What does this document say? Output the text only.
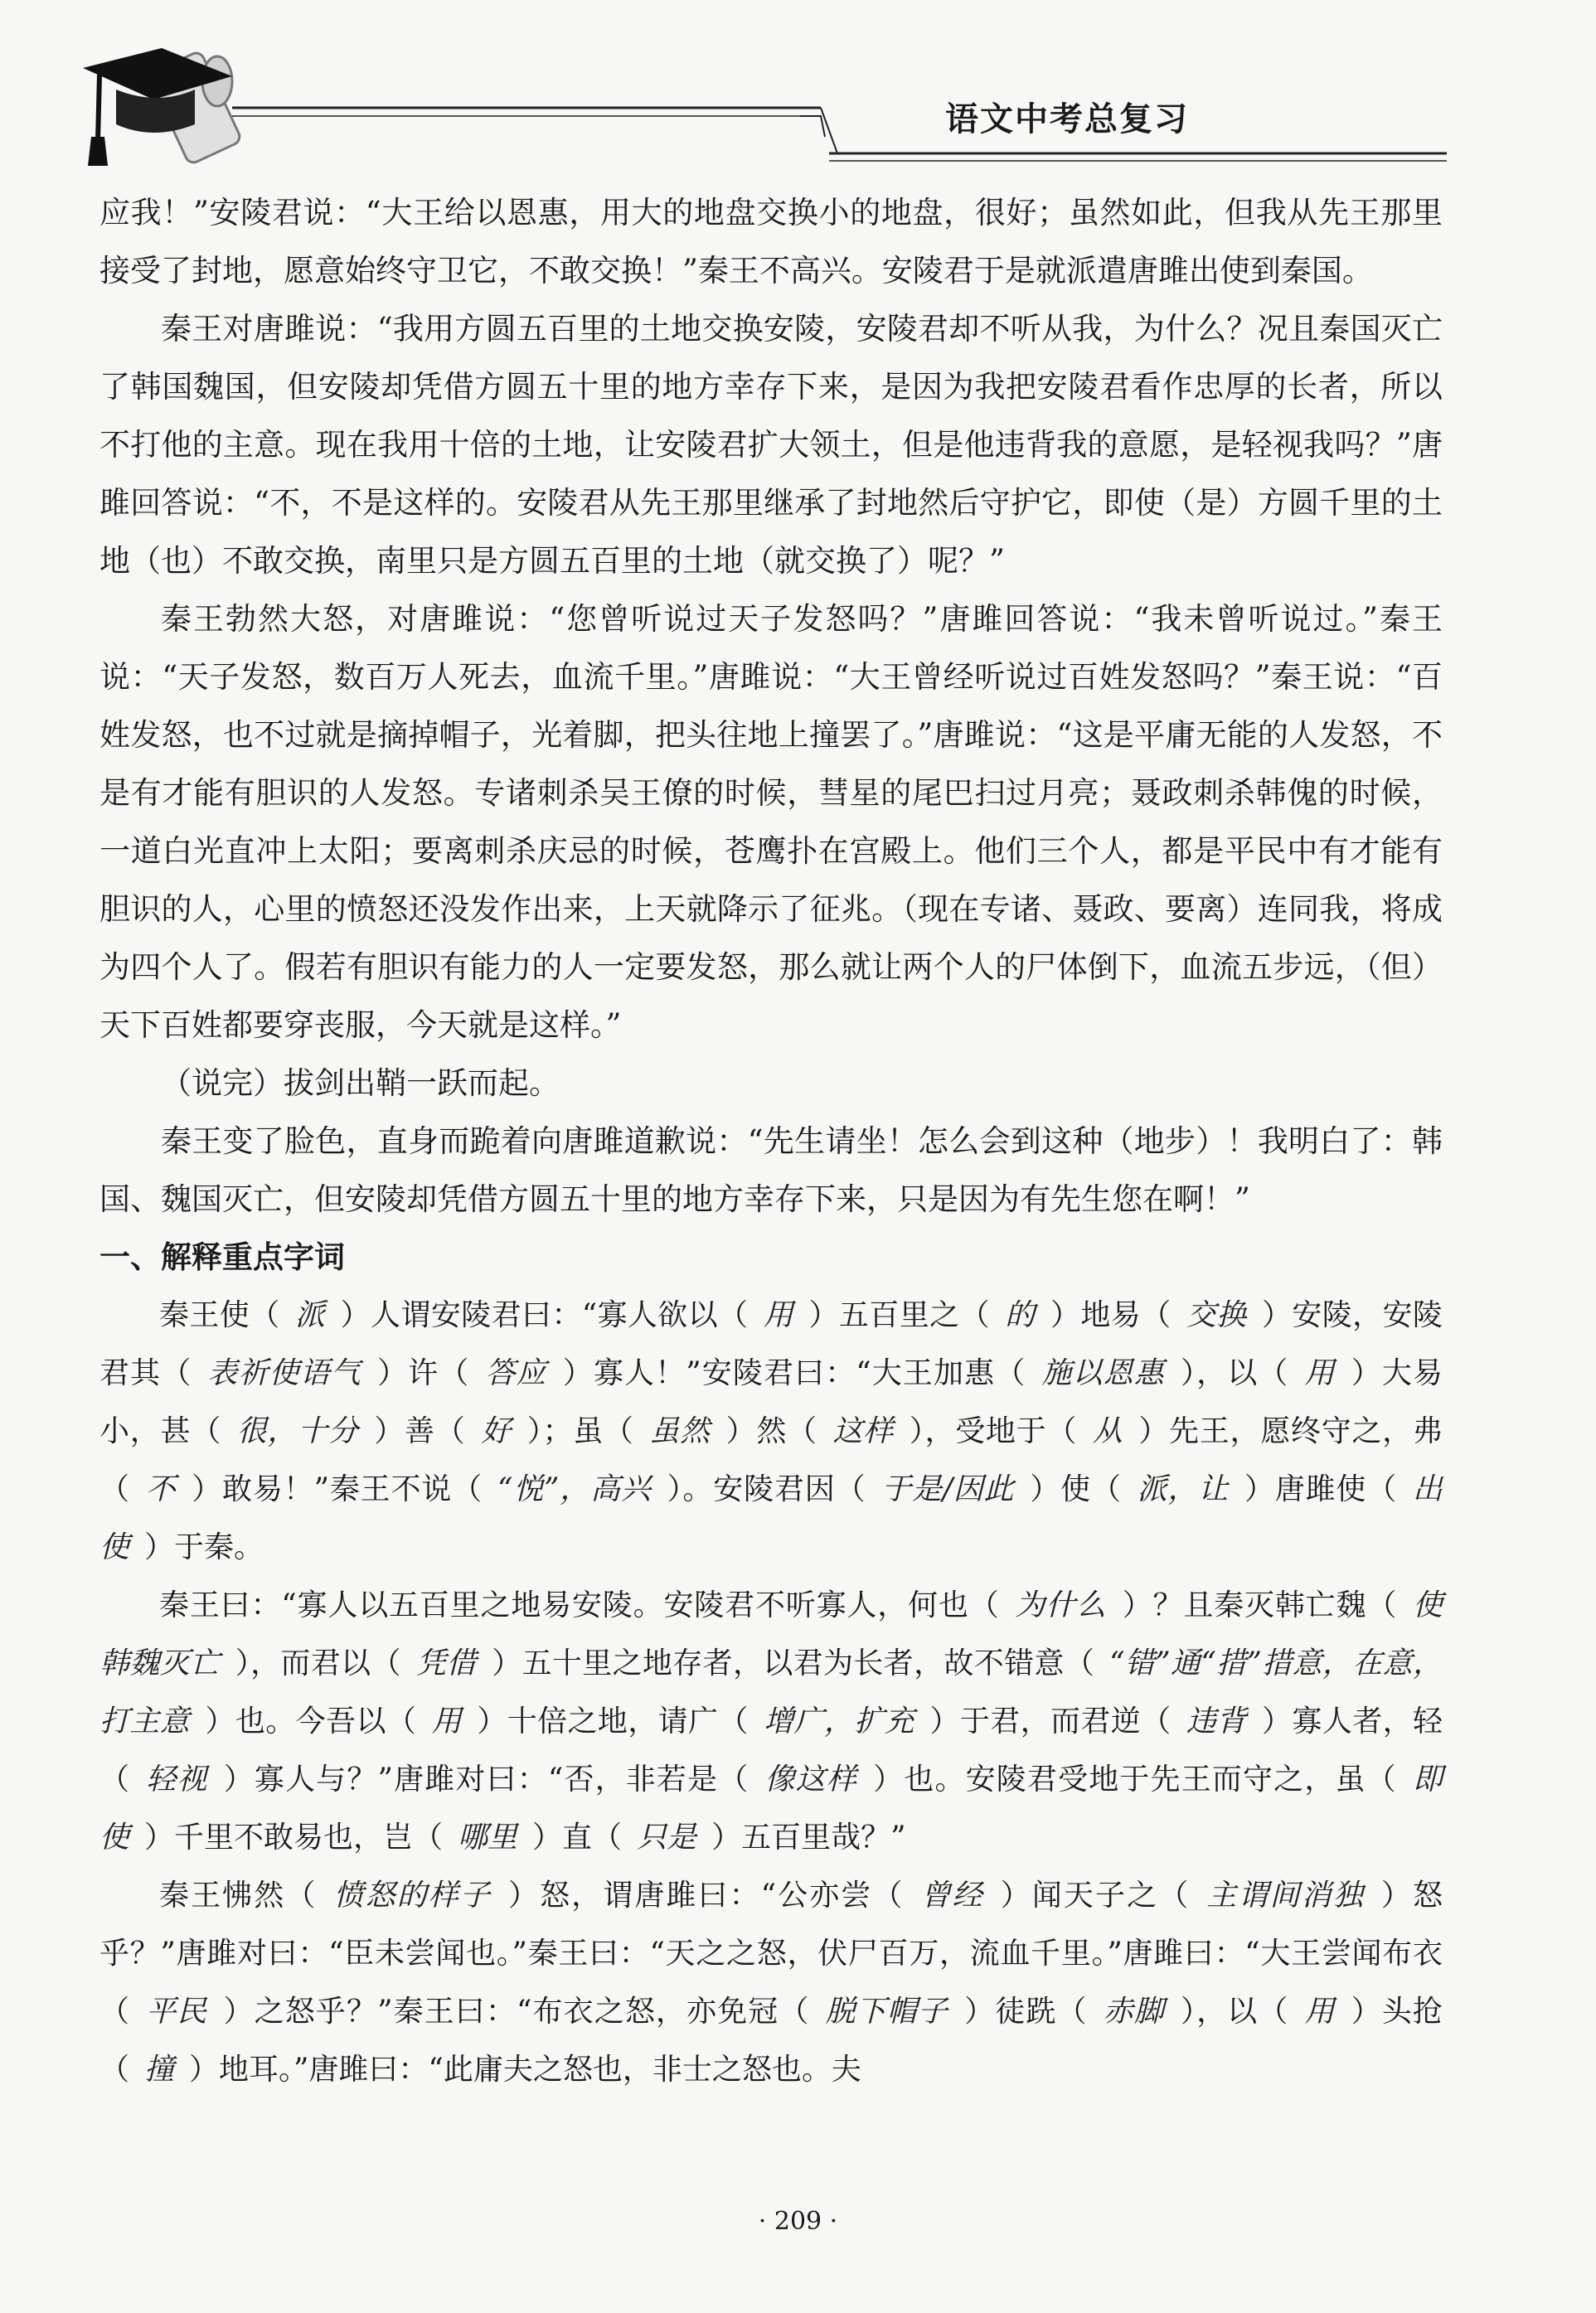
语文中考总复习

应我！”安陵君说：“大王给以恩惠，用大的地盘交换小的地盘，很好；虽然如此，但我从先王那里接受了封地，愿意始终守卫它，不敢交换！”秦王不高兴。安陵君于是就派遣唐雎出使到秦国。

秦王对唐雎说：“我用方圆五百里的土地交换安陵，安陵君却不听从我，为什么？况且秦国灭亡了韩国魏国，但安陵却凭借方圆五十里的地方幸存下来，是因为我把安陵君看作忠厚的长者，所以不打他的主意。现在我用十倍的土地，让安陵君扩大领土，但是他违背我的意愿，是轻视我吗？”唐雎回答说：“不，不是这样的。安陵君从先王那里继承了封地然后守护它，即使（是）方圆千里的土地（也）不敢交换，南里只是方圆五百里的土地（就交换了）呢？”

秦王勃然大怒，对唐雎说：“您曾听说过天子发怒吗？”唐雎回答说：“我未曾听说过。”秦王说：“天子发怒，数百万人死去，血流千里。”唐雎说：“大王曾经听说过百姓发怒吗？”秦王说：“百姓发怒，也不过就是摘掉帽子，光着脚，把头往地上撞罢了。”唐雎说：“这是平庸无能的人发怒，不是有才能有胆识的人发怒。专诸刺杀吴王僚的时候，彗星的尾巴扫过月亮；聂政刺杀韩傀的时候，一道白光直冲上太阳；要离刺杀庆忌的时候，苍鹰扑在宫殿上。他们三个人，都是平民中有才能有胆识的人，心里的愤怒还没发作出来，上天就降示了征兆。（现在专诸、聂政、要离）连同我，将成为四个人了。假若有胆识有能力的人一定要发怒，那么就让两个人的尸体倒下，血流五步远，（但）天下百姓都要穿丧服，今天就是这样。”

（说完）拔剑出鞘一跃而起。

秦王变了脸色，直身而跪着向唐雎道歉说：“先生请坐！怎么会到这种（地步）！我明白了：韩国、魏国灭亡，但安陵却凭借方圆五十里的地方幸存下来，只是因为有先生您在啊！”

一、解释重点字词

秦王使（ 派 ）人谓安陵君曰：“寡人欲以（ 用 ）五百里之（ 的 ）地易（ 交换 ）安陵，安陵君其（ 表祈使语气 ）许（ 答应 ）寡人！”安陵君曰：“大王加惠（ 施以恩惠 ），以（ 用 ）大易小，甚（ 很，十分 ）善（ 好 ）；虽（ 虽然 ）然（ 这样 ），受地于（ 从 ）先王，愿终守之，弗（ 不 ）敢易！”秦王不说（ “悦”，高兴 ）。安陵君因（ 于是/因此 ）使（ 派，让 ）唐雎使（ 出使 ）于秦。

秦王曰：“寡人以五百里之地易安陵。安陵君不听寡人，何也（ 为什么 ）？且秦灭韩亡魏（ 使韩魏灭亡 ），而君以（ 凭借 ）五十里之地存者，以君为长者，故不错意（ “错”通“措”措意，在意，打主意 ）也。今吾以（ 用 ）十倍之地，请广（ 增广，扩充 ）于君，而君逆（ 违背 ）寡人者，轻（ 轻视 ）寡人与？”唐雎对曰：“否，非若是（ 像这样 ）也。安陵君受地于先王而守之，虽（ 即使 ）千里不敢易也，岂（ 哪里 ）直（ 只是 ）五百里哉？”

秦王怫然（ 愤怒的样子 ）怒，谓唐雎曰：“公亦尝（ 曾经 ）闻天子之（ 主谓间消独 ）怒乎？”唐雎对曰：“臣未尝闻也。”秦王曰：“天之之怒，伏尸百万，流血千里。”唐雎曰：“大王尝闻布衣（ 平民 ）之怒乎？”秦王曰：“布衣之怒，亦免冠（ 脱下帽子 ）徒跣（ 赤脚 ），以（ 用 ）头抢（ 撞 ）地耳。”唐雎曰：“此庸夫之怒也，非士之怒也。夫

· 209 ·
